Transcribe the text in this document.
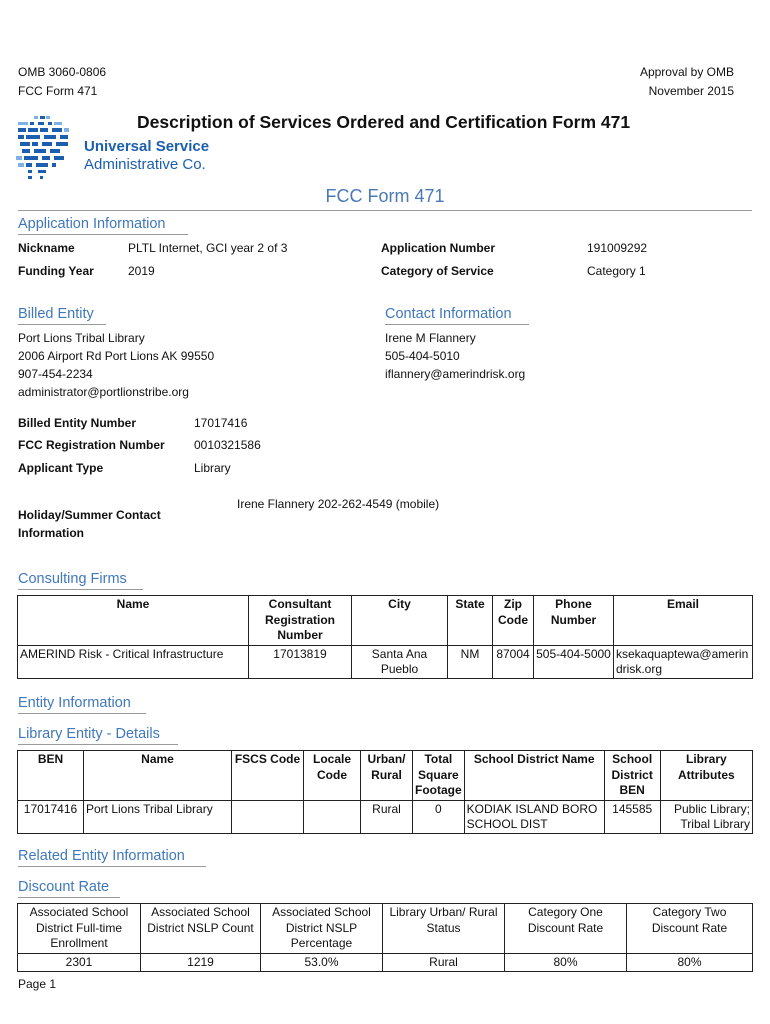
OMB 3060-0806
FCC Form 471
Approval by OMB
November 2015
Universal Service
Administrative Co.
Description of Services Ordered and Certification Form 471
FCC Form 471
Application Information
Nickname	PLTL Internet, GCI year 2 of 3	Application Number	191009292
Funding Year	2019	Category of Service	Category 1
Billed Entity
Port Lions Tribal Library
2006 Airport Rd Port Lions AK 99550
907-454-2234
administrator@portlionstribe.org
Contact Information
Irene M Flannery
505-404-5010
iflannery@amerindrisk.org
Billed Entity Number	17017416
FCC Registration Number 0010321586
Applicant Type	Library
Irene Flannery 202-262-4549 (mobile)
Holiday/Summer Contact
Information
Consulting Firms
Name	Consultant Registration Number	City	State	Zip Code	Phone Number	Email
AMERIND Risk - Critical Infrastructure	17013819	Santa Ana Pueblo	NM	87004	505-404-5000	ksekaquaptewa@amerindrisk.org
Entity Information
Library Entity - Details
BEN	Name	FSCS Code	Locale Code	Urban/ Rural	Total Square Footage	School District Name	School District BEN	Library Attributes
17017416	Port Lions Tribal Library			Rural	0	KODIAK ISLAND BORO SCHOOL DIST	145585	Public Library; Tribal Library
Related Entity Information
Discount Rate
Associated School District Full-time Enrollment	Associated School District NSLP Count	Associated School District NSLP Percentage	Library Urban/ Rural Status	Category One Discount Rate	Category Two Discount Rate
2301	1219	53.0%	Rural	80%	80%
Page 1
